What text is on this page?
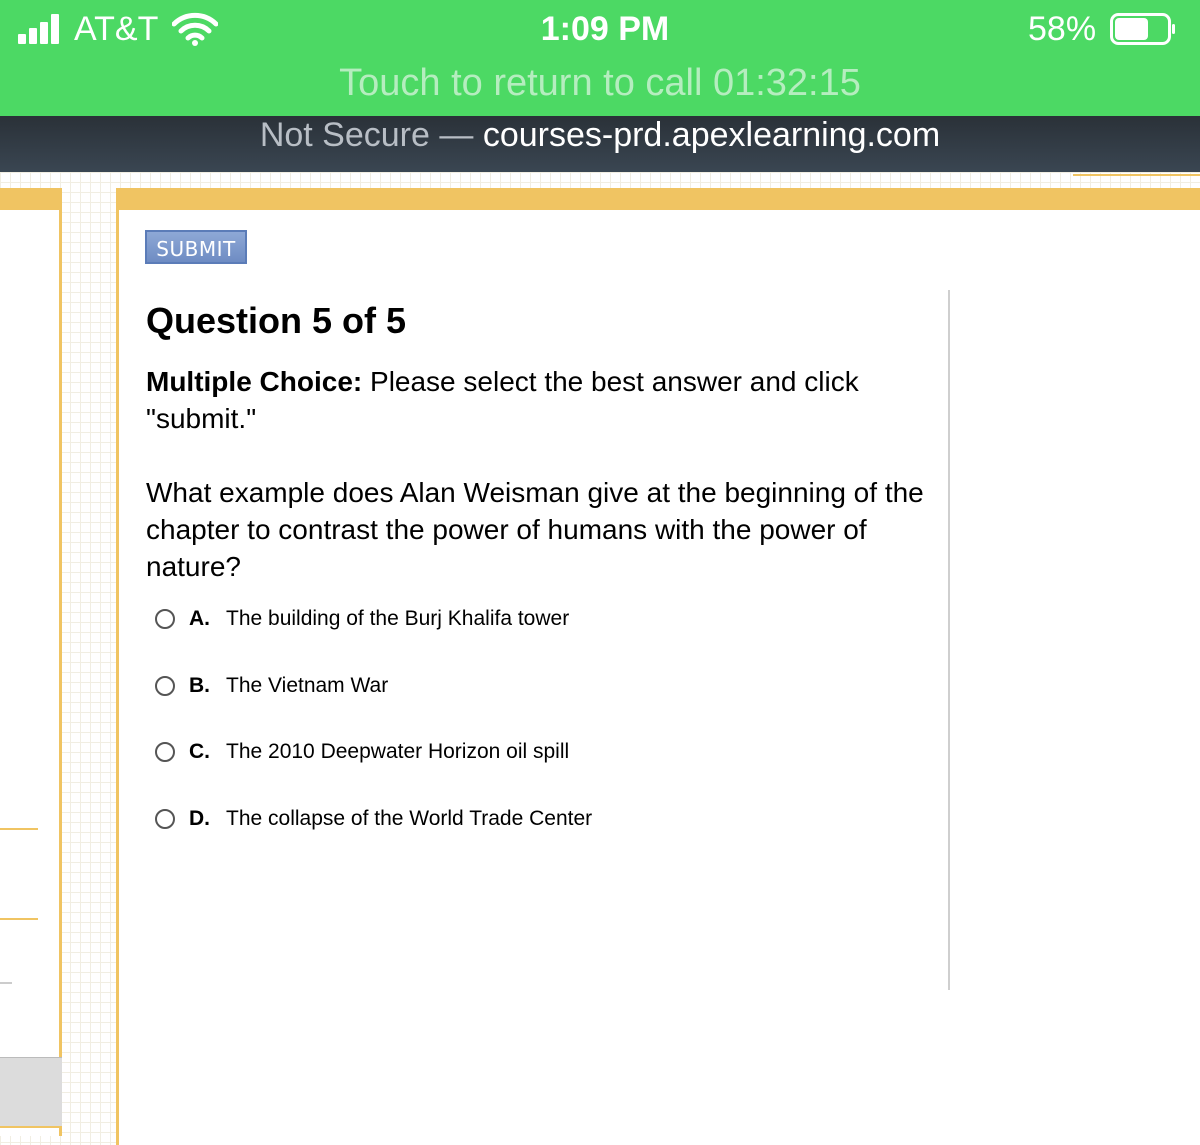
AT&T	1:09 PM	58%
Touch to return to call 01:32:15
Not Secure — courses-prd.apexlearning.com
SUBMIT
Question 5 of 5
Multiple Choice: Please select the best answer and click "submit."
What example does Alan Weisman give at the beginning of the chapter to contrast the power of humans with the power of nature?
A. The building of the Burj Khalifa tower
B. The Vietnam War
C. The 2010 Deepwater Horizon oil spill
D. The collapse of the World Trade Center
